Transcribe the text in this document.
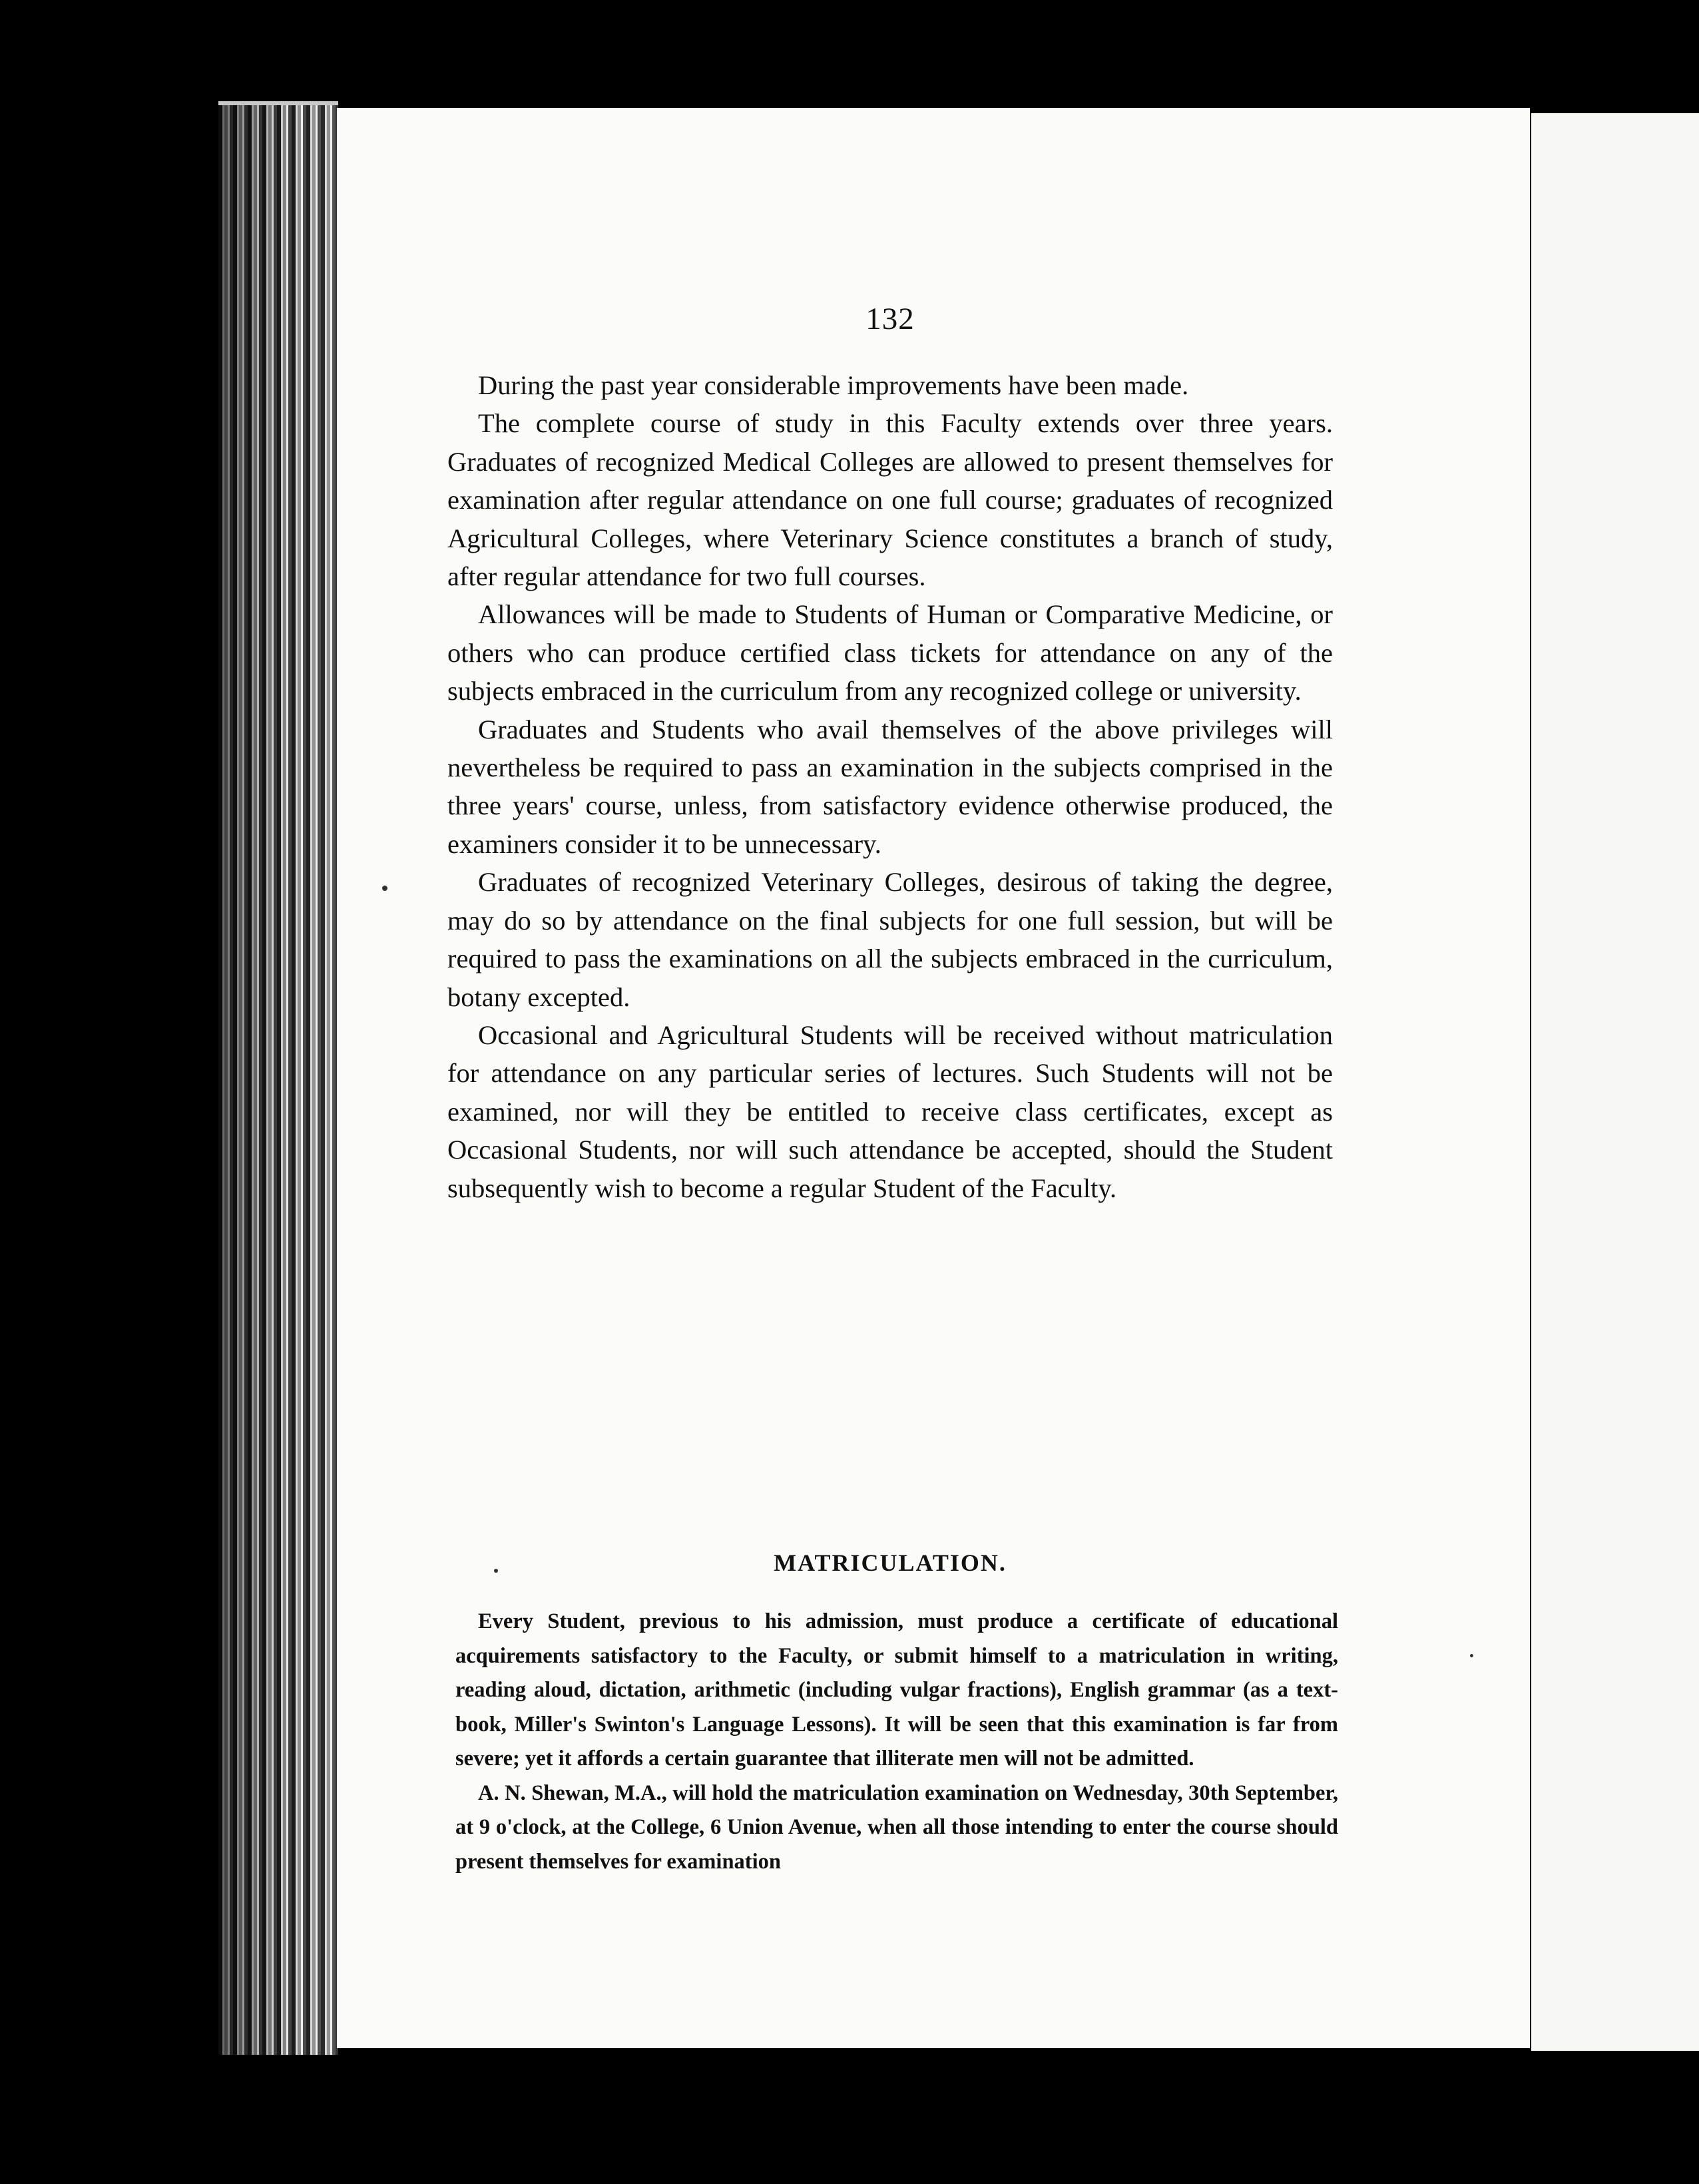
132

During the past year considerable improvements have been made.

The complete course of study in this Faculty extends over three years. Graduates of recognized Medical Colleges are allowed to present themselves for examination after regular attendance on one full course; graduates of recognized Agricultural Colleges, where Veterinary Science constitutes a branch of study, after regular attendance for two full courses.

Allowances will be made to Students of Human or Comparative Medicine, or others who can produce certified class tickets for attendance on any of the subjects embraced in the curriculum from any recognized college or university.

Graduates and Students who avail themselves of the above privileges will nevertheless be required to pass an examination in the subjects comprised in the three years' course, unless, from satisfactory evidence otherwise produced, the examiners consider it to be unnecessary.

Graduates of recognized Veterinary Colleges, desirous of taking the degree, may do so by attendance on the final subjects for one full session, but will be required to pass the examinations on all the subjects embraced in the curriculum, botany excepted.

Occasional and Agricultural Students will be received without matriculation for attendance on any particular series of lectures. Such Students will not be examined, nor will they be entitled to receive class certificates, except as Occasional Students, nor will such attendance be accepted, should the Student subsequently wish to become a regular Student of the Faculty.

MATRICULATION.

Every Student, previous to his admission, must produce a certificate of educational acquirements satisfactory to the Faculty, or submit himself to a matriculation in writing, reading aloud, dictation, arithmetic (including vulgar fractions), English grammar (as a text-book, Miller's Swinton's Language Lessons). It will be seen that this examination is far from severe; yet it affords a certain guarantee that illiterate men will not be admitted.

A. N. Shewan, M.A., will hold the matriculation examination on Wednesday, 30th September, at 9 o'clock, at the College, 6 Union Avenue, when all those intending to enter the course should present themselves for examination
